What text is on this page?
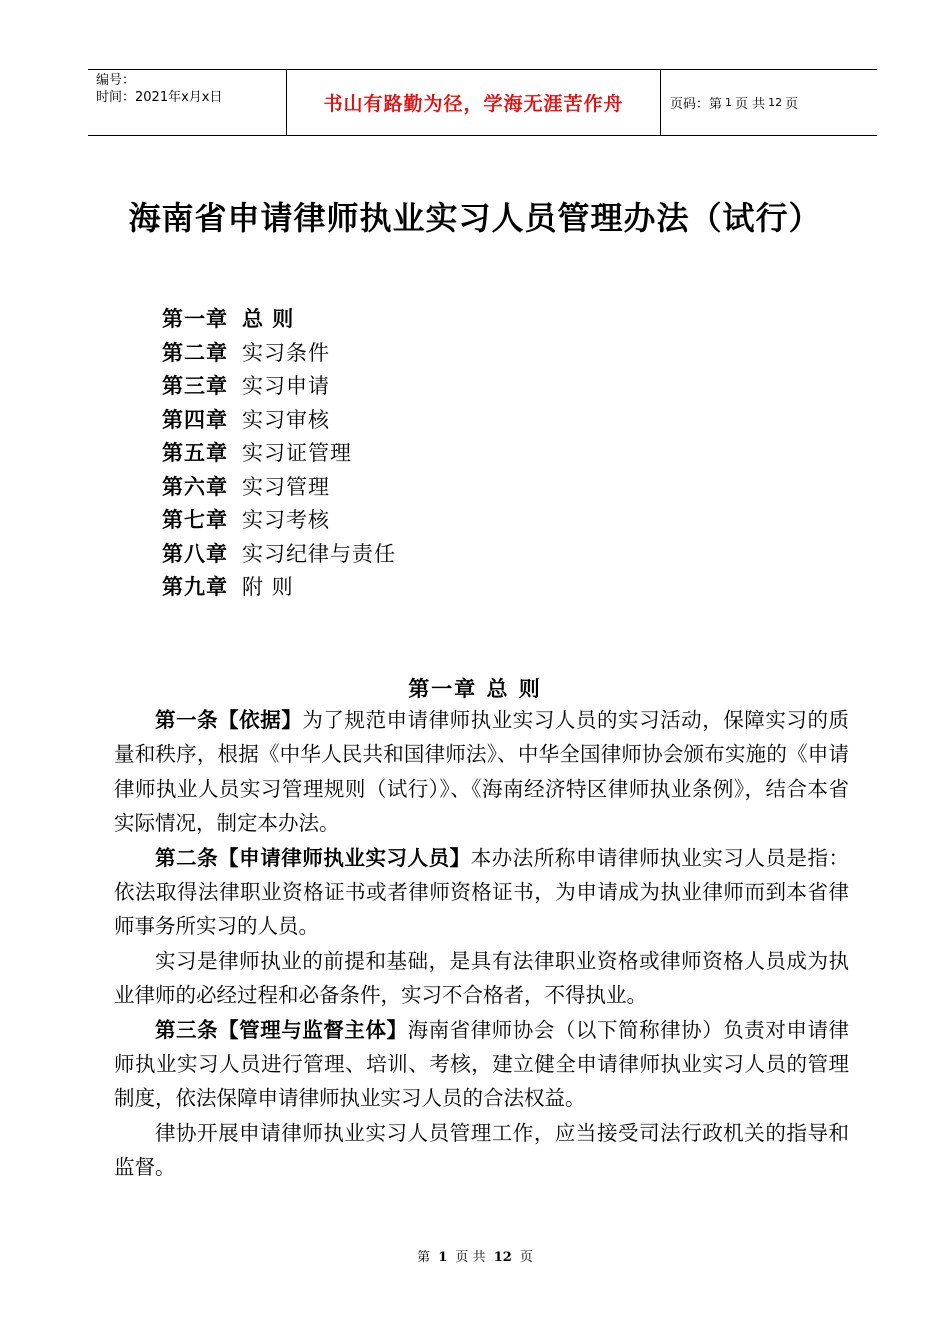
编号：
时间：2021年x月x日	书山有路勤为径，学海无涯苦作舟	页码：第 1 页 共 12 页
海南省申请律师执业实习人员管理办法（试行）
第一章 总 则
第二章 实习条件
第三章 实习申请
第四章 实习审核
第五章 实习证管理
第六章 实习管理
第七章 实习考核
第八章 实习纪律与责任
第九章 附 则
第一章 总 则

第一条【依据】为了规范申请律师执业实习人员的实习活动，保障实习的质量和秩序，根据《中华人民共和国律师法》、中华全国律师协会颁布实施的《申请律师执业人员实习管理规则（试行）》、《海南经济特区律师执业条例》，结合本省实际情况，制定本办法。

第二条【申请律师执业实习人员】本办法所称申请律师执业实习人员是指：依法取得法律职业资格证书或者律师资格证书，为申请成为执业律师而到本省律师事务所实习的人员。

实习是律师执业的前提和基础，是具有法律职业资格或律师资格人员成为执业律师的必经过程和必备条件，实习不合格者，不得执业。

第三条【管理与监督主体】海南省律师协会（以下简称律协）负责对申请律师执业实习人员进行管理、培训、考核，建立健全申请律师执业实习人员的管理制度，依法保障申请律师执业实习人员的合法权益。

律协开展申请律师执业实习人员管理工作，应当接受司法行政机关的指导和监督。

第 1 页 共 12 页
